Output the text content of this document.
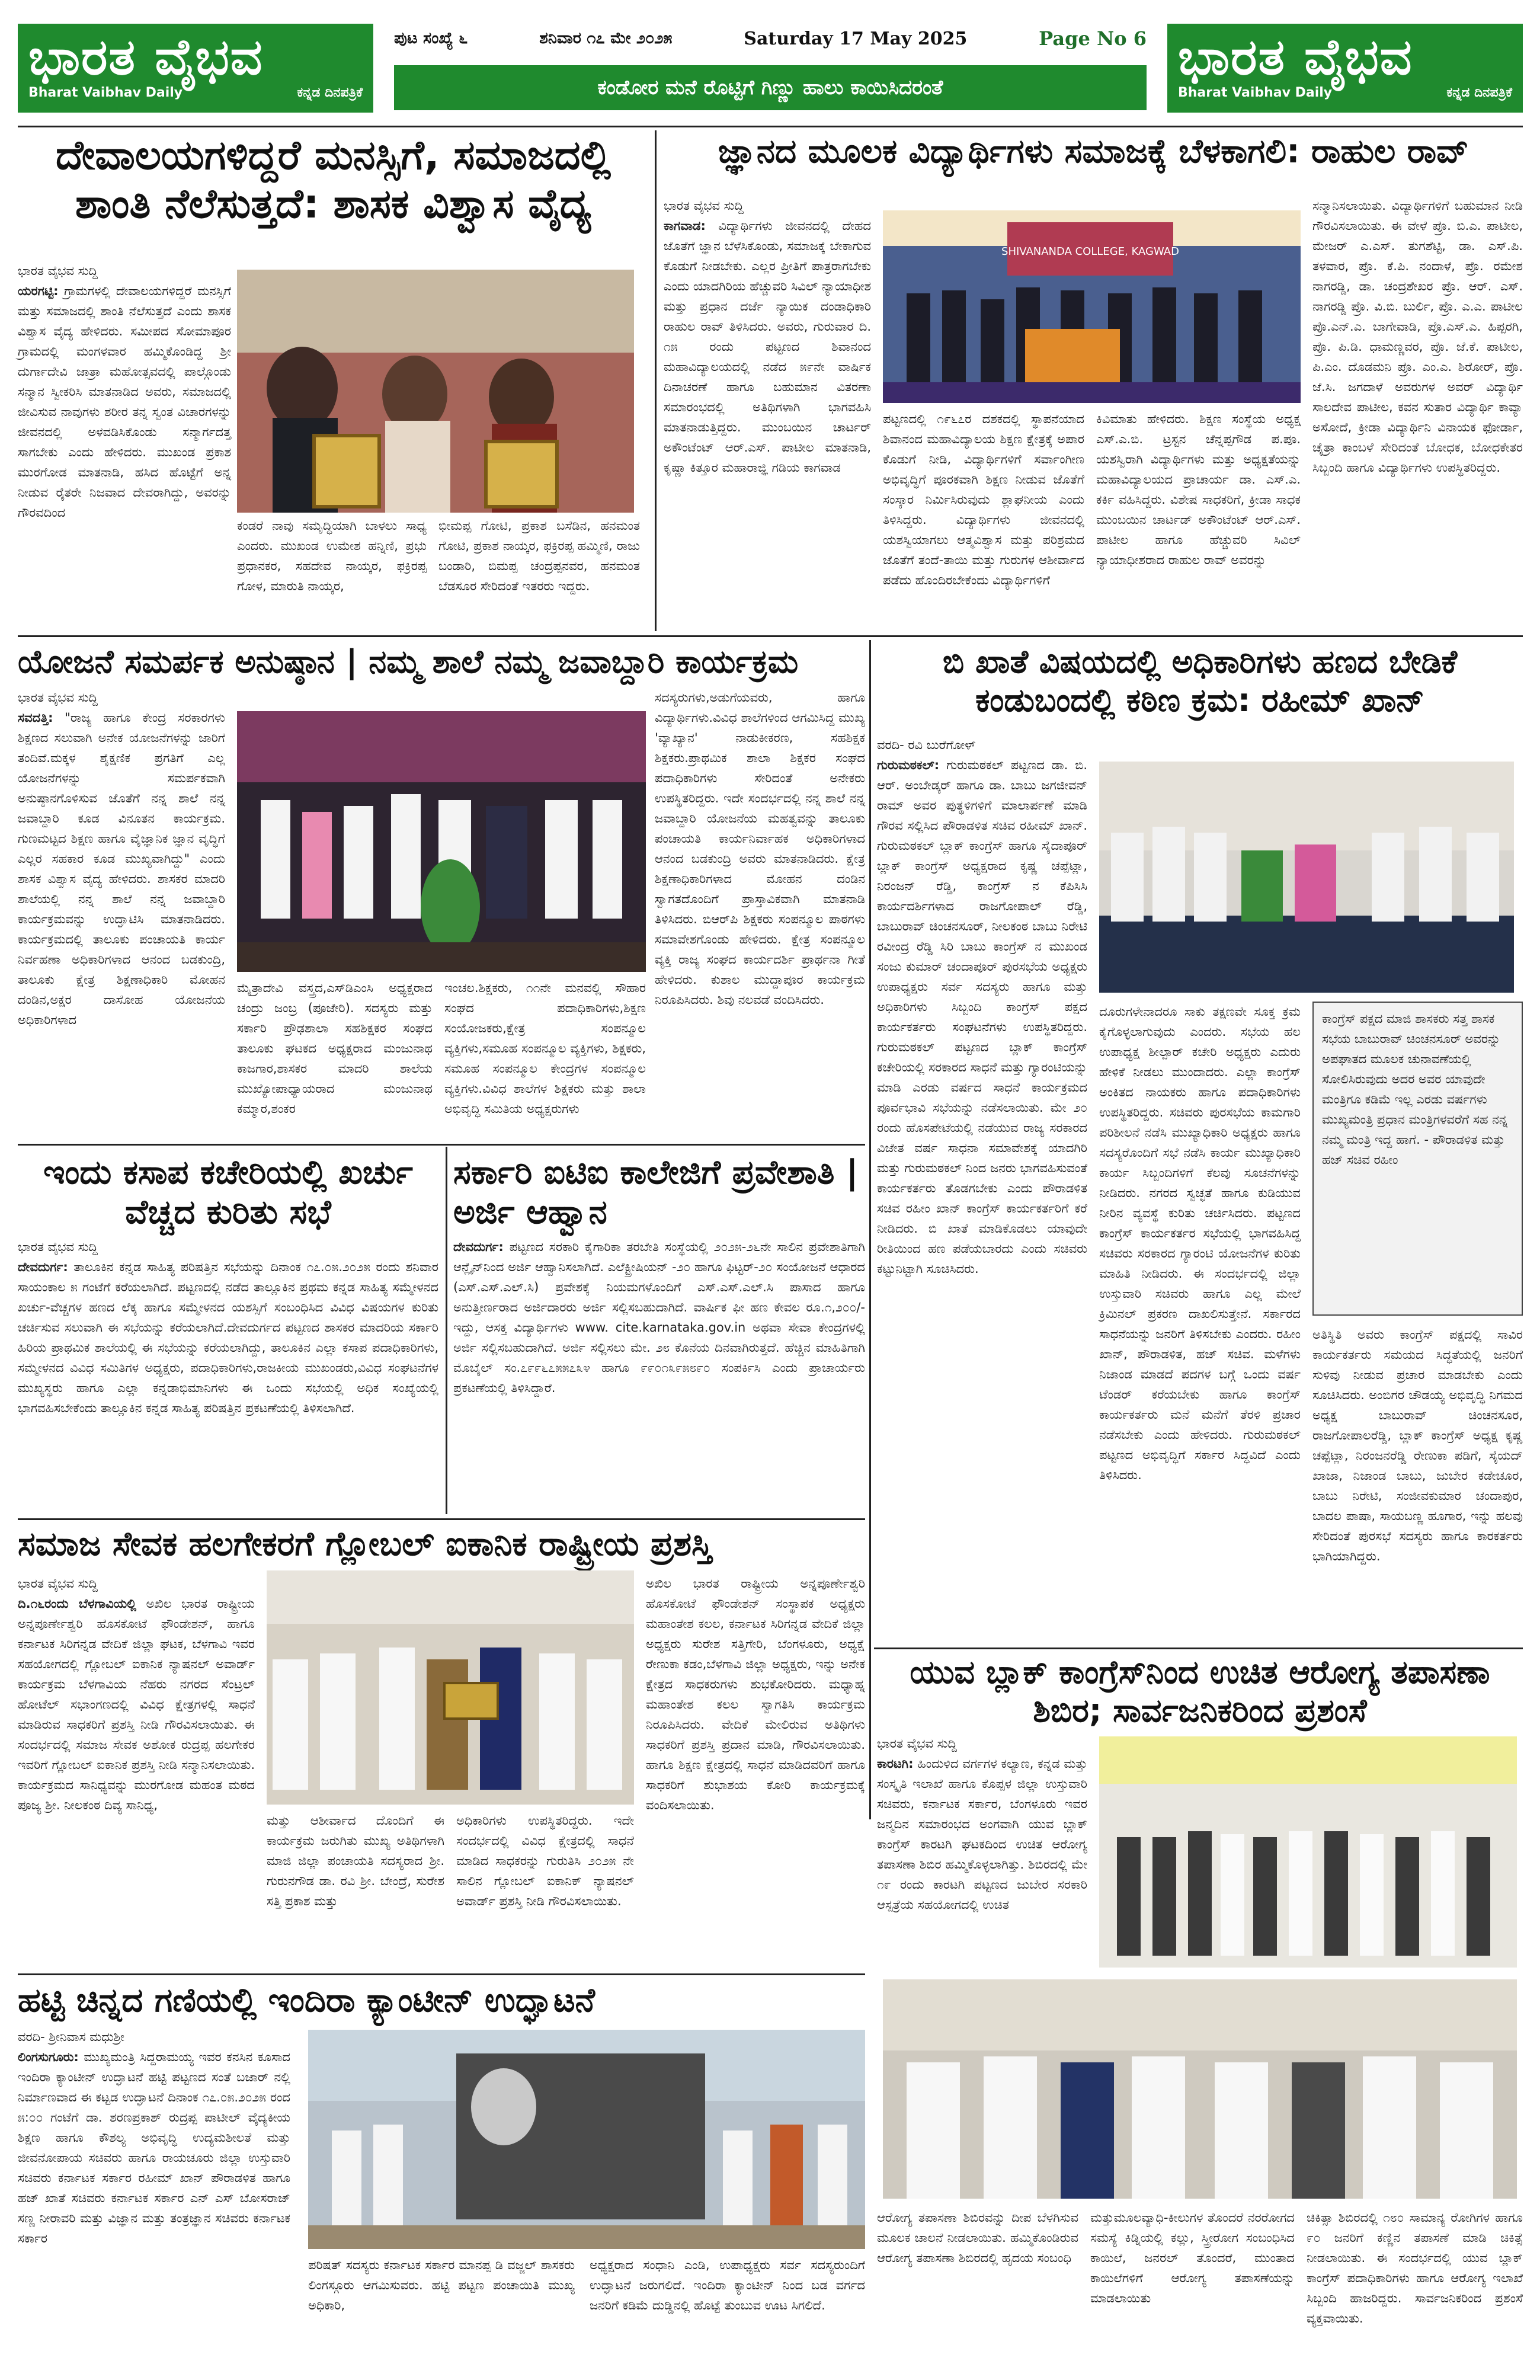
ಭಾರತ ವೈಭವ
Bharat Vaibhav Daily	ಕನ್ನಡ ದಿನಪತ್ರಿಕೆ
ಪುಟ ಸಂಖ್ಯೆ ೬	ಶನಿವಾರ ೧೭ ಮೇ ೨೦೨೫	Saturday 17 May 2025	Page No 6
ಕಂಡೋರ ಮನೆ ರೊಟ್ಟಿಗೆ ಗಿಣ್ಣು ಹಾಲು ಕಾಯಿಸಿದರಂತೆ
ಭಾರತ ವೈಭವ
Bharat Vaibhav Daily	ಕನ್ನಡ ದಿನಪತ್ರಿಕೆ
ದೇವಾಲಯಗಳಿದ್ದರೆ ಮನಸ್ಸಿಗೆ, ಸಮಾಜದಲ್ಲಿ ಶಾಂತಿ ನೆಲೆಸುತ್ತದೆ: ಶಾಸಕ ವಿಶ್ವಾಸ ವೈದ್ಯ
ಭಾರತ ವೈಭವ ಸುದ್ದಿ
ಯರಗಟ್ಟಿ: ಗ್ರಾಮಗಳಲ್ಲಿ ದೇವಾಲಯಗಳಿದ್ದರೆ ಮನಸ್ಸಿಗೆ ಮತ್ತು ಸಮಾಜದಲ್ಲಿ ಶಾಂತಿ ನೆಲೆಸುತ್ತದೆ ಎಂದು ಶಾಸಕ ವಿಶ್ವಾಸ ವೈದ್ಯ ಹೇಳಿದರು. ಸಮೀಪದ ಸೋಮಾಪೂರ ಗ್ರಾಮದಲ್ಲಿ ಮಂಗಳವಾರ ಹಮ್ಮಿಕೊಂಡಿದ್ದ ಶ್ರೀ ದುರ್ಗಾದೇವಿ ಜಾತ್ರಾ ಮಹೋತ್ಸವದಲ್ಲಿ ಪಾಲ್ಗೊಂಡು ಸನ್ಮಾನ ಸ್ವೀಕರಿಸಿ ಮಾತನಾಡಿದ ಅವರು, ಸಮಾಜದಲ್ಲಿ ಜೀವಿಸುವ ನಾವುಗಳು ಶರೀರ ತನ್ನ ಸ್ವಂತ ವಿಚಾರಗಳನ್ನು ಜೀವನದಲ್ಲಿ ಅಳವಡಿಸಿಕೊಂಡು ಸನ್ಮಾರ್ಗದತ್ತ ಸಾಗಬೇಕು ಎಂದು ಹೇಳಿದರು. ಮುಖಂಡ ಪ್ರಕಾಶ ಮುರಗೋಡ ಮಾತನಾಡಿ, ಹಸಿದ ಹೊಟ್ಟೆಗೆ ಅನ್ನ ನೀಡುವ ರೈತರೇ ನಿಜವಾದ ದೇವರಾಗಿದ್ದು, ಅವರನ್ನು ಗೌರವದಿಂದ
ಕಂಡರೆ ನಾವು ಸಮೃದ್ಧಿಯಾಗಿ ಬಾಳಲು ಸಾಧ್ಯ ಎಂದರು. ಮುಖಂಡ ಉಮೇಶ ಹನ್ನಿಣಿ, ಪ್ರಭು ಪ್ರಧಾನಕರ, ಸಹದೇವ ನಾಯ್ಕರ, ಫಕ್ರಿರಪ್ಪ ಗೋಳ, ಮಾರುತಿ ನಾಯ್ಕರ,
ಭೀಮಪ್ಪ ಗೋಟಿ, ಪ್ರಕಾಶ ಬಸೆಡಿನ, ಹನಮಂತ ಗೋಟಿ, ಪ್ರಕಾಶ ನಾಯ್ಕರ, ಫಕ್ರಿರಪ್ಪ ಹಮ್ಮಿಣಿ, ರಾಜು ಬಂಡಾರಿ, ಬಿಮಪ್ಪ ಚಂದ್ರಪ್ಪನವರ, ಹನಮಂತ ಬೆಡಸೂರ ಸೇರಿದಂತೆ ಇತರರು ಇದ್ದರು.
ಜ್ಞಾನದ ಮೂಲಕ ವಿದ್ಯಾರ್ಥಿಗಳು ಸಮಾಜಕ್ಕೆ ಬೆಳಕಾಗಲಿ: ರಾಹುಲ ರಾವ್
ಭಾರತ ವೈಭವ ಸುದ್ದಿ
ಕಾಗವಾಡ: ವಿದ್ಯಾರ್ಥಿಗಳು ಜೀವನದಲ್ಲಿ ದೇಹದ ಜೊತೆಗೆ ಜ್ಞಾನ ಬೆಳೆಸಿಕೊಂಡು, ಸಮಾಜಕ್ಕೆ ಬೇಕಾಗುವ ಕೊಡುಗೆ ನೀಡಬೇಕು. ಎಲ್ಲರ ಪ್ರೀತಿಗೆ ಪಾತ್ರರಾಗಬೇಕು ಎಂದು ಯಾದಗಿರಿಯ ಹೆಚ್ಚುವರಿ ಸಿವಿಲ್ ನ್ಯಾಯಾಧೀಶ ಮತ್ತು ಪ್ರಧಾನ ದರ್ಜೆ ನ್ಯಾಯಿಕ ದಂಡಾಧಿಕಾರಿ ರಾಹುಲ ರಾವ್ ತಿಳಿಸಿದರು. ಅವರು, ಗುರುವಾರ ದಿ. ೧೫ ರಂದು ಪಟ್ಟಣದ ಶಿವಾನಂದ ಮಹಾವಿದ್ಯಾಲಯದಲ್ಲಿ ನಡೆದ ೫೯ನೇ ವಾರ್ಷಿಕ ದಿನಾಚರಣೆ ಹಾಗೂ ಬಹುಮಾನ ವಿತರಣಾ ಸಮಾರಂಭದಲ್ಲಿ ಅತಿಥಿಗಳಾಗಿ ಭಾಗವಹಿಸಿ ಮಾತನಾಡುತ್ತಿದ್ದರು. ಮುಂಬಯಿನ ಚಾರ್ಟರ್ ಅಕೌಂಟೆಂಟ್ ಆರ್.ಎಸ್. ಪಾಟೀಲ ಮಾತನಾಡಿ, ಕೃಷ್ಣಾ ಕಿತ್ತೂರ ಮಹಾರಾಜ್ಞಿ ಗಡಿಯ ಕಾಗವಾಡ
SHIVANANDA COLLEGE, KAGWAD
ಪಟ್ಟಣದಲ್ಲಿ ೧೯೬೭ರ ದಶಕದಲ್ಲಿ ಸ್ಥಾಪನೆಯಾದ ಶಿವಾನಂದ ಮಹಾವಿದ್ಯಾಲಯ ಶಿಕ್ಷಣ ಕ್ಷೇತ್ರಕ್ಕೆ ಅಪಾರ ಕೊಡುಗೆ ನೀಡಿ, ವಿದ್ಯಾರ್ಥಿಗಳಿಗೆ ಸರ್ವಾಂಗೀಣ ಅಭಿವೃದ್ಧಿಗೆ ಪೂರಕವಾಗಿ ಶಿಕ್ಷಣ ನೀಡುವ ಜೊತೆಗೆ ಸಂಸ್ಕಾರ ನಿರ್ಮಿಸಿರುವುದು ಶ್ಲಾಘನೀಯ ಎಂದು ತಿಳಿಸಿದ್ದರು. ವಿದ್ಯಾರ್ಥಿಗಳು ಜೀವನದಲ್ಲಿ ಯಶಸ್ವಿಯಾಗಲು ಆತ್ಮವಿಶ್ವಾಸ ಮತ್ತು ಪರಿಶ್ರಮದ ಜೊತೆಗೆ ತಂದೆ-ತಾಯಿ ಮತ್ತು ಗುರುಗಳ ಆಶೀರ್ವಾದ ಪಡೆದು ಹೊಂದಿರಬೇಕೆಂದು ವಿದ್ಯಾರ್ಥಿಗಳಿಗೆ
ಕಿವಿಮಾತು ಹೇಳಿದರು. ಶಿಕ್ಷಣ ಸಂಸ್ಥೆಯ ಅಧ್ಯಕ್ಷ ಎಸ್.ಎ.ಬಿ. ಟ್ರಸ್ಟನ ಚೆನ್ನಪ್ಪಗೌಡ ಪ.ಪೂ. ಯಶಸ್ವಿರಾಗಿ ವಿದ್ಯಾರ್ಥಿಗಳು ಮತ್ತು ಅಧ್ಯಕ್ಷತೆಯನ್ನು ಮಹಾವಿದ್ಯಾಲಯದ ಪ್ರಾಚಾರ್ಯ ಡಾ. ಎಸ್.ಎ. ಕರ್ಕಿ ವಹಿಸಿದ್ದರು. ವಿಶೇಷ ಸಾಧಕರಿಗೆ, ಕ್ರೀಡಾ ಸಾಧಕ ಮುಂಬಯಿನ ಚಾರ್ಟಡ್ ಅಕೌಂಟೆಂಟ್ ಆರ್.ಎಸ್. ಪಾಟೀಲ ಹಾಗೂ ಹೆಚ್ಚುವರಿ ಸಿವಿಲ್ ನ್ಯಾಯಾಧೀಶರಾದ ರಾಹುಲ ರಾವ್ ಅವರನ್ನು
ಸನ್ಮಾನಿಸಲಾಯಿತು. ವಿದ್ಯಾರ್ಥಿಗಳಿಗೆ ಬಹುಮಾನ ನೀಡಿ ಗೌರವಿಸಲಾಯಿತು. ಈ ವೇಳೆ ಪ್ರೊ. ಬಿ.ಎ. ಪಾಟೀಲ, ಮೇಜರ್ ಎ.ಎಸ್. ತುಗಶೆಟ್ಟಿ, ಡಾ. ಎಸ್.ಪಿ. ತಳವಾರ, ಪ್ರೊ. ಕೆ.ಪಿ. ನಂದಾಳೆ, ಪ್ರೊ. ರಮೇಶ ನಾಗರಡ್ಡಿ, ಡಾ. ಚಂದ್ರಶೇಖರ ಪ್ರೊ. ಆರ್. ಎಸ್. ನಾಗರಡ್ಡಿ ಪ್ರೊ. ವಿ.ಬಿ. ಬುರ್ಲಿ, ಪ್ರೊ. ಎ.ಎ. ಪಾಟೀಲ ಪ್ರೊ.ಎನ್.ಎ. ಬಾಗೇವಾಡಿ, ಪ್ರೊ.ಎಸ್.ಎ. ಹಿಪ್ಪರಗಿ, ಪ್ರೊ. ಪಿ.ಡಿ. ಧಾಮಣ್ಣವರ, ಪ್ರೊ. ಜೆ.ಕೆ. ಪಾಟೀಲ, ಪಿ.ಎಂ. ದೊಡಮನಿ ಪ್ರೊ. ಎಂ.ಎ. ಶಿರೋರ್, ಪ್ರೊ. ಜೆ.ಸಿ. ಜಗದಾಳೆ ಅವರುಗಳ ಅವರ್ ವಿದ್ಯಾರ್ಥಿ ಸಾಲದೇವ ಪಾಟೀಲ, ಕವನ ಸುತಾರ ವಿದ್ಯಾರ್ಥಿ ಕಾವ್ಯಾ ಅಸೋದೆ, ಕ್ರೀಡಾ ವಿದ್ಯಾರ್ಥಿನಿ ವಿನಾಯಕ ಫೋರ್ಡಾ, ಚೈತ್ರಾ ಕಾಂಬಳೆ ಸೇರಿದಂತೆ ಬೋಧಕ, ಬೋಧಕೇತರ ಸಿಬ್ಬಂದಿ ಹಾಗೂ ವಿದ್ಯಾರ್ಥಿಗಳು ಉಪಸ್ಥಿತರಿದ್ದರು.
ಯೋಜನೆ ಸಮರ್ಪಕ ಅನುಷ್ಠಾನ | ನಮ್ಮ ಶಾಲೆ ನಮ್ಮ ಜವಾಬ್ದಾರಿ ಕಾರ್ಯಕ್ರಮ
ಭಾರತ ವೈಭವ ಸುದ್ದಿ
ಸವದತ್ತಿ: "ರಾಜ್ಯ ಹಾಗೂ ಕೇಂದ್ರ ಸರಕಾರಗಳು ಶಿಕ್ಷಣದ ಸಲುವಾಗಿ ಅನೇಕ ಯೋಜನೆಗಳನ್ನು ಜಾರಿಗೆ ತಂದಿವೆ.ಮಕ್ಕಳ ಶೈಕ್ಷಣಿಕ ಪ್ರಗತಿಗೆ ಎಲ್ಲ ಯೋಜನೆಗಳನ್ನು ಸಮರ್ಪಕವಾಗಿ ಅನುಷ್ಠಾನಗೊಳಿಸುವ ಜೊತೆಗೆ ನನ್ನ ಶಾಲೆ ನನ್ನ ಜವಾಬ್ದಾರಿ ಕೂಡ ವಿನೂತನ ಕಾರ್ಯಕ್ರಮ. ಗುಣಮಟ್ಟದ ಶಿಕ್ಷಣ ಹಾಗೂ ವೈಜ್ಞಾನಿಕ ಜ್ಞಾನ ವೃದ್ಧಿಗೆ ಎಲ್ಲರ ಸಹಕಾರ ಕೂಡ ಮುಖ್ಯವಾಗಿದ್ದು" ಎಂದು ಶಾಸಕ ವಿಶ್ವಾಸ ವೈದ್ಯ ಹೇಳಿದರು. ಶಾಸಕರ ಮಾದರಿ ಶಾಲೆಯಲ್ಲಿ ನನ್ನ ಶಾಲೆ ನನ್ನ ಜವಾಬ್ದಾರಿ ಕಾರ್ಯಕ್ರಮವನ್ನು ಉದ್ಘಾಟಿಸಿ ಮಾತನಾಡಿದರು. ಕಾರ್ಯಕ್ರಮದಲ್ಲಿ ತಾಲೂಕು ಪಂಚಾಯತಿ ಕಾರ್ಯ ನಿರ್ವಹಣಾ ಅಧಿಕಾರಿಗಳಾದ ಆನಂದ ಬಡಕುಂದ್ರಿ, ತಾಲೂಕು ಕ್ಷೇತ್ರ ಶಿಕ್ಷಣಾಧಿಕಾರಿ ಮೋಹನ ದಂಡಿನ,ಅಕ್ಷರ ದಾಸೋಹ ಯೋಜನೆಯ ಅಧಿಕಾರಿಗಳಾದ
ಮೈತ್ರಾದೇವಿ ವಸ್ತ್ರದ,ಎಸ್‌ಡಿಎಂಸಿ ಅಧ್ಯಕ್ಷರಾದ ಚಂದ್ರು ಜಂಬ್ರ (ಪೂಜೇರಿ). ಸದಸ್ಯರು ಮತ್ತು ಸರ್ಕಾರಿ ಪ್ರೌಢಶಾಲಾ ಸಹಶಿಕ್ಷಕರ ಸಂಘದ ತಾಲೂಕು ಘಟಕದ ಅಧ್ಯಕ್ಷರಾದ ಮಂಜುನಾಥ ಕಾಜಗಾರ,ಶಾಸಕರ ಮಾದರಿ ಶಾಲೆಯ ಮುಖ್ಯೋಪಾಧ್ಯಾಯರಾದ ಮಂಜುನಾಥ ಕಮ್ಮಾರ,ಶಂಕರ
ಇಂಚಲ.ಶಿಕ್ಷಕರು, ೧೧ನೇ ಮನವಲ್ಲಿ ಸೌಹಾರ ಸಂಘದ ಪದಾಧಿಕಾರಿಗಳು,ಶಿಕ್ಷಣ ಸಂಯೋಜಕರು,ಕ್ಷೇತ್ರ ಸಂಪನ್ಮೂಲ ವ್ಯಕ್ತಿಗಳು,ಸಮೂಹ ಸಂಪನ್ಮೂಲ ವ್ಯಕ್ತಿಗಳು, ಶಿಕ್ಷಕರು, ಸಮೂಹ ಸಂಪನ್ಮೂಲ ಕೇಂದ್ರಗಳ ಸಂಪನ್ಮೂಲ ವ್ಯಕ್ತಿಗಳು.ವಿವಿಧ ಶಾಲೆಗಳ ಶಿಕ್ಷಕರು ಮತ್ತು ಶಾಲಾ ಅಭಿವೃದ್ಧಿ ಸಮಿತಿಯ ಅಧ್ಯಕ್ಷರುಗಳು
ಸದಸ್ಯರುಗಳು,ಅಡುಗೆಯವರು, ಹಾಗೂ ವಿದ್ಯಾರ್ಥಿಗಳು.ವಿವಿಧ ಶಾಲೆಗಳಿಂದ ಆಗಮಿಸಿದ್ದ ಮುಖ್ಯ 'ವ್ಯಾಖ್ಯಾನ' ನಾಡುಕೀಕರಣ, ಸಹಶಿಕ್ಷಕ ಶಿಕ್ಷಕರು.ಪ್ರಾಥಮಿಕ ಶಾಲಾ ಶಿಕ್ಷಕರ ಸಂಘದ ಪದಾಧಿಕಾರಿಗಳು ಸೇರಿದಂತೆ ಅನೇಕರು ಉಪಸ್ಥಿತರಿದ್ದರು. ಇದೇ ಸಂದರ್ಭದಲ್ಲಿ ನನ್ನ ಶಾಲೆ ನನ್ನ ಜವಾಬ್ದಾರಿ ಯೋಜನೆಯ ಮಹತ್ವವನ್ನು ತಾಲೂಕು ಪಂಚಾಯತಿ ಕಾರ್ಯನಿರ್ವಾಹಕ ಅಧಿಕಾರಿಗಳಾದ ಆನಂದ ಬಡಕುಂದ್ರಿ ಅವರು ಮಾತನಾಡಿದರು. ಕ್ಷೇತ್ರ ಶಿಕ್ಷಣಾಧಿಕಾರಿಗಳಾದ ಮೋಹನ ದಂಡಿನ ಸ್ವಾಗತದೊಂದಿಗೆ ಪ್ರಾಸ್ತಾವಿಕವಾಗಿ ಮಾತನಾಡಿ ತಿಳಿಸಿದರು. ಬಿಆರ್‌ಪಿ ಶಿಕ್ಷಕರು ಸಂಪನ್ಮೂಲ ಪಾಠಗಳು ಸಮಾವೇಶಗೊಂಡು ಹೇಳಿದರು. ಕ್ಷೇತ್ರ ಸಂಪನ್ಮೂಲ ವ್ಯಕ್ತಿ ರಾಜ್ಯ ಸಂಘದ ಕಾರ್ಯದರ್ಶಿ ಪ್ರಾರ್ಥನಾ ಗೀತೆ ಹೇಳಿದರು. ಕುಶಾಲ ಮುದ್ದಾಪೂರ ಕಾರ್ಯಕ್ರಮ ನಿರೂಪಿಸಿದರು. ಶಿವು ನಲವಡೆ ವಂದಿಸಿದರು.
ಇಂದು ಕಸಾಪ ಕಚೇರಿಯಲ್ಲಿ ಖರ್ಚು ವೆಚ್ಚದ ಕುರಿತು ಸಭೆ
ಭಾರತ ವೈಭವ ಸುದ್ದಿ
ದೇವದುರ್ಗ: ತಾಲೂಕಿನ ಕನ್ನಡ ಸಾಹಿತ್ಯ ಪರಿಷತ್ತಿನ ಸಭೆಯನ್ನು ದಿನಾಂಕ ೧೭.೦೫.೨೦೨೫ ರಂದು ಶನಿವಾರ ಸಾಯಂಕಾಲ ೫ ಗಂಟೆಗೆ ಕರೆಯಲಾಗಿದೆ. ಪಟ್ಟಣದಲ್ಲಿ ನಡೆದ ತಾಲ್ಲೂಕಿನ ಪ್ರಥಮ ಕನ್ನಡ ಸಾಹಿತ್ಯ ಸಮ್ಮೇಳನದ ಖರ್ಚು-ವೆಚ್ಚಗಳ ಹಣದ ಲೆಕ್ಕ ಹಾಗೂ ಸಮ್ಮೇಳನದ ಯಶಸ್ಸಿಗೆ ಸಂಬಂಧಿಸಿದ ವಿವಿಧ ವಿಷಯಗಳ ಕುರಿತು ಚರ್ಚಿಸುವ ಸಲುವಾಗಿ ಈ ಸಭೆಯನ್ನು ಕರೆಯಲಾಗಿದೆ.ದೇವದುರ್ಗದ ಪಟ್ಟಣದ ಶಾಸಕರ ಮಾದರಿಯ ಸರ್ಕಾರಿ ಹಿರಿಯ ಪ್ರಾಥಮಿಕ ಶಾಲೆಯಲ್ಲಿ ಈ ಸಭೆಯನ್ನು ಕರೆಯಲಾಗಿದ್ದು, ತಾಲೂಕಿನ ಎಲ್ಲಾ ಕಸಾಪ ಪದಾಧಿಕಾರಿಗಳು, ಸಮ್ಮೇಳನದ ವಿವಿಧ ಸಮಿತಿಗಳ ಅಧ್ಯಕ್ಷರು, ಪದಾಧಿಕಾರಿಗಳು,ರಾಜಕೀಯ ಮುಖಂಡರು,ವಿವಿಧ ಸಂಘಟನೆಗಳ ಮುಖ್ಯಸ್ಥರು ಹಾಗೂ ಎಲ್ಲಾ ಕನ್ನಡಾಭಿಮಾನಿಗಳು ಈ ಒಂದು ಸಭೆಯಲ್ಲಿ ಅಧಿಕ ಸಂಖ್ಯೆಯಲ್ಲಿ ಭಾಗವಹಿಸಬೇಕೆಂದು ತಾಲ್ಲೂಕಿನ ಕನ್ನಡ ಸಾಹಿತ್ಯ ಪರಿಷತ್ತಿನ ಪ್ರಕಟಣೆಯಲ್ಲಿ ತಿಳಿಸಲಾಗಿದೆ.
ಸರ್ಕಾರಿ ಐಟಿಐ ಕಾಲೇಜಿಗೆ ಪ್ರವೇಶಾತಿ | ಅರ್ಜಿ ಆಹ್ವಾನ
ದೇವದುರ್ಗ: ಪಟ್ಟಣದ ಸರಕಾರಿ ಕೈಗಾರಿಕಾ ತರಬೇತಿ ಸಂಸ್ಥೆಯಲ್ಲಿ ೨೦೨೫-೨೬ನೇ ಸಾಲಿನ ಪ್ರವೇಶಾತಿಗಾಗಿ ಆನ್ಲೈನ್‌ನಿಂದ ಅರ್ಜಿ ಆಹ್ವಾನಿಸಲಾಗಿದೆ. ಎಲೆಕ್ಟ್ರೀಷಿಯನ್ -೨೦ ಹಾಗೂ ಫಿಟ್ಟರ್-೨೦ ಸಂಯೋಜನೆ ಆಧಾರದ (ಎಸ್.ಎಸ್.ಎಲ್.ಸಿ) ಪ್ರವೇಶಕ್ಕೆ ನಿಯಮಗಳೊಂದಿಗೆ ಎಸ್.ಎಸ್.ಎಲ್.ಸಿ ಪಾಸಾದ ಹಾಗೂ ಅನುತ್ತೀರ್ಣರಾದ ಅರ್ಜಿದಾರರು ಅರ್ಜಿ ಸಲ್ಲಿಸಬಹುದಾಗಿದೆ. ವಾರ್ಷಿಕ ಫೀ ಹಣ ಕೇವಲ ರೂ.೧,೨೦೦/- ಇದ್ದು, ಆಸಕ್ತ ವಿದ್ಯಾರ್ಥಿಗಳು www. cite.karnataka.gov.in ಅಥವಾ ಸೇವಾ ಕೇಂದ್ರಗಳಲ್ಲಿ ಅರ್ಜಿ ಸಲ್ಲಿಸಬಹುದಾಗಿದೆ. ಅರ್ಜಿ ಸಲ್ಲಿಸಲು ಮೇ. ೨೮ ಕೊನೆಯ ದಿನವಾಗಿರುತ್ತದೆ. ಹೆಚ್ಚಿನ ಮಾಹಿತಿಗಾಗಿ ಮೊಬೈಲ್ ಸಂ.೭೯೯೬೭೫೫೭೩೪ ಹಾಗೂ ೯೯೦೧೩೯೫೮೯೦ ಸಂಪರ್ಕಿಸಿ ಎಂದು ಪ್ರಾಚಾರ್ಯರು ಪ್ರಕಟಣೆಯಲ್ಲಿ ತಿಳಿಸಿದ್ದಾರೆ.
ಸಮಾಜ ಸೇವಕ ಹಲಗೇಕರಗೆ ಗ್ಲೋಬಲ್ ಐಕಾನಿಕ ರಾಷ್ಟ್ರೀಯ ಪ್ರಶಸ್ತಿ
ಭಾರತ ವೈಭವ ಸುದ್ದಿ
ದಿ.೧೬ರಂದು ಬೆಳಗಾವಿಯಲ್ಲಿ ಅಖಿಲ ಭಾರತ ರಾಷ್ಟ್ರೀಯ ಅನ್ನಪೂರ್ಣೇಶ್ವರಿ ಹೊಸಕೋಟೆ ಫೌಂಡೇಶನ್, ಹಾಗೂ ಕರ್ನಾಟಕ ಸಿರಿಗನ್ನಡ ವೇದಿಕೆ ಜಿಲ್ಲಾ ಘಟಕ, ಬೆಳಗಾವಿ ಇವರ ಸಹಯೋಗದಲ್ಲಿ ಗ್ಲೋಬಲ್ ಐಕಾನಿಕ ನ್ಯಾಷನಲ್ ಅವಾರ್ಡ್ ಕಾರ್ಯಕ್ರಮ ಬೆಳಗಾವಿಯ ನೆಹರು ನಗರದ ಸೆಂಟ್ರಲ್ ಹೋಟೆಲ್ ಸಭಾಂಗಣದಲ್ಲಿ ವಿವಿಧ ಕ್ಷೇತ್ರಗಳಲ್ಲಿ ಸಾಧನೆ ಮಾಡಿರುವ ಸಾಧಕರಿಗೆ ಪ್ರಶಸ್ತಿ ನೀಡಿ ಗೌರವಿಸಲಾಯಿತು. ಈ ಸಂದರ್ಭದಲ್ಲಿ ಸಮಾಜ ಸೇವಕ ಅಶೋಕ ರುದ್ರಪ್ಪ ಹಲಗೇಕರ ಇವರಿಗೆ ಗ್ಲೋಬಲ್ ಐಕಾನಿಕ ಪ್ರಶಸ್ತಿ ನೀಡಿ ಸನ್ಮಾನಿಸಲಾಯಿತು. ಕಾರ್ಯಕ್ರಮದ ಸಾನಿಧ್ಯವನ್ನು ಮುರಗೋಡ ಮಹಂತ ಮಠದ ಪೂಜ್ಯ ಶ್ರೀ. ನೀಲಕಂಠ ದಿವ್ಯ ಸಾನಿಧ್ಯ,
ಮತ್ತು ಆಶೀರ್ವಾದ ದೊಂದಿಗೆ ಈ ಕಾರ್ಯಕ್ರಮ ಜರುಗಿತು ಮುಖ್ಯ ಅತಿಥಿಗಳಾಗಿ ಮಾಜಿ ಜಿಲ್ಲಾ ಪಂಚಾಯತಿ ಸದಸ್ಯರಾದ ಶ್ರೀ. ಗುರುನಗೌಡ ಡಾ. ರವಿ ಶ್ರೀ. ಬೇಂದ್ರೆ, ಸುರೇಶ ಸತ್ತಿ ಪ್ರಕಾಶ ಮತ್ತು
ಅಧಿಕಾರಿಗಳು ಉಪಸ್ಥಿತರಿದ್ದರು. ಇದೇ ಸಂದರ್ಭದಲ್ಲಿ ವಿವಿಧ ಕ್ಷೇತ್ರದಲ್ಲಿ ಸಾಧನೆ ಮಾಡಿದ ಸಾಧಕರನ್ನು ಗುರುತಿಸಿ ೨೦೨೫ ನೇ ಸಾಲಿನ ಗ್ಲೋಬಲ್ ಐಕಾನಿಕ್ ನ್ಯಾಷನಲ್ ಅವಾರ್ಡ್ ಪ್ರಶಸ್ತಿ ನೀಡಿ ಗೌರವಿಸಲಾಯಿತು.
ಅಖಿಲ ಭಾರತ ರಾಷ್ಟ್ರೀಯ ಅನ್ನಪೂರ್ಣೇಶ್ವರಿ ಹೊಸಕೋಟೆ ಫೌಂಡೇಶನ್ ಸಂಸ್ಥಾಪಕ ಅಧ್ಯಕ್ಷರು ಮಹಾಂತೇಶ ಕಲಲ, ಕರ್ನಾಟಕ ಸಿರಿಗನ್ನಡ ವೇದಿಕೆ ಜಿಲ್ಲಾ ಅಧ್ಯಕ್ಷರು ಸುರೇಶ ಸತ್ತಿಗೇರಿ, ಬೆಂಗಳೂರು, ಅಧ್ಯಕ್ಷೆ ರೇಣುಕಾ ಕಡಂ,ಬೆಳಗಾವಿ ಜಿಲ್ಲಾ ಅಧ್ಯಕ್ಷರು, ಇನ್ನು ಅನೇಕ ಕ್ಷೇತ್ರದ ಸಾಧಕರುಗಳು ಶುಭಕೋರಿದರು. ಮಧ್ಯಾಹ್ನ ಮಹಾಂತೇಶ ಕಲಲ ಸ್ವಾಗತಿಸಿ ಕಾರ್ಯಕ್ರಮ ನಿರೂಪಿಸಿದರು. ವೇದಿಕೆ ಮೇಲಿರುವ ಅತಿಥಿಗಳು ಸಾಧಕರಿಗೆ ಪ್ರಶಸ್ತಿ ಪ್ರದಾನ ಮಾಡಿ, ಗೌರವಿಸಲಾಯಿತು. ಹಾಗೂ ಶಿಕ್ಷಣ ಕ್ಷೇತ್ರದಲ್ಲಿ ಸಾಧನೆ ಮಾಡಿದವರಿಗೆ ಹಾಗೂ ಸಾಧಕರಿಗೆ ಶುಭಾಶಯ ಕೋರಿ ಕಾರ್ಯಕ್ರಮಕ್ಕೆ ವಂದಿಸಲಾಯಿತು.
ಬಿ ಖಾತೆ ವಿಷಯದಲ್ಲಿ ಅಧಿಕಾರಿಗಳು ಹಣದ ಬೇಡಿಕೆ ಕಂಡುಬಂದಲ್ಲಿ ಕಠಿಣ ಕ್ರಮ: ರಹೀಮ್ ಖಾನ್
ವರದಿ- ರವಿ ಬುರೆಗೋಳ್
ಗುರುಮಠಕಲ್: ಗುರುಮಠಕಲ್ ಪಟ್ಟಣದ ಡಾ. ಬಿ. ಆರ್. ಅಂಬೇಡ್ಕರ್ ಹಾಗೂ ಡಾ. ಬಾಬು ಜಗಜೀವನ್ ರಾಮ್ ಅವರ ಪುತ್ಥಳಿಗಳಿಗೆ ಮಾಲಾರ್ಪಣೆ ಮಾಡಿ ಗೌರವ ಸಲ್ಲಿಸಿದ ಪೌರಾಡಳಿತ ಸಚಿವ ರಹೀಮ್ ಖಾನ್. ಗುರುಮಠಕಲ್ ಬ್ಲಾಕ್ ಕಾಂಗ್ರೆಸ್ ಹಾಗೂ ಸೈದಾಪೂರ್ ಬ್ಲಾಕ್ ಕಾಂಗ್ರೆಸ್ ಅಧ್ಯಕ್ಷರಾದ ಕೃಷ್ಣ ಚಪ್ಪೆಟ್ಲಾ, ನಿರಂಜನ್ ರೆಡ್ಡಿ, ಕಾಂಗ್ರೆಸ್ ನ ಕೆಪಿಸಿಸಿ ಕಾರ್ಯದರ್ಶಿಗಳಾದ ರಾಜಗೋಪಾಲ್ ರೆಡ್ಡಿ, ಬಾಬುರಾವ್ ಚಿಂಚನಸೂರ್, ನೀಲಕಂಠ ಬಾಬು ನಿರೇಟಿ ರವೀಂದ್ರ ರೆಡ್ಡಿ ಸಿರಿ ಬಾಬು ಕಾಂಗ್ರೆಸ್ ನ ಮುಖಂಡ ಸಂಜು ಕುಮಾರ್ ಚಂದಾಪೂರ್ ಪುರಸಭೆಯ ಅಧ್ಯಕ್ಷರು ಉಪಾಧ್ಯಕ್ಷರು ಸರ್ವ ಸದಸ್ಯರು ಹಾಗೂ ಮತ್ತು ಅಧಿಕಾರಿಗಳು ಸಿಬ್ಬಂದಿ ಕಾಂಗ್ರೆಸ್ ಪಕ್ಷದ ಕಾರ್ಯಕರ್ತರು ಸಂಘಟನೆಗಳು ಉಪಸ್ಥಿತರಿದ್ದರು. ಗುರುಮಠಕಲ್ ಪಟ್ಟಣದ ಬ್ಲಾಕ್ ಕಾಂಗ್ರೆಸ್ ಕಚೇರಿಯಲ್ಲಿ ಸರಕಾರದ ಸಾಧನೆ ಮತ್ತು ಗ್ಯಾರಂಟಿಯನ್ನು ಮಾಡಿ ಎರಡು ವರ್ಷದ ಸಾಧನೆ ಕಾರ್ಯಕ್ರಮದ ಪೂರ್ವಭಾವಿ ಸಭೆಯನ್ನು ನಡೆಸಲಾಯಿತು. ಮೇ ೨೦ ರಂದು ಹೊಸಪೇಟೆಯಲ್ಲಿ ನಡೆಯುವ ರಾಜ್ಯ ಸರಕಾರದ ವಿಜೇತ ವರ್ಷ ಸಾಧನಾ ಸಮಾವೇಶಕ್ಕೆ ಯಾದಗಿರಿ ಮತ್ತು ಗುರುಮಠಕಲ್ ನಿಂದ ಜನರು ಭಾಗವಹಿಸುವಂತೆ ಕಾರ್ಯಕರ್ತರು ತೊಡಗಬೇಕು ಎಂದು ಪೌರಾಡಳಿತ ಸಚಿವ ರಹೀಂ ಖಾನ್ ಕಾಂಗ್ರೆಸ್ ಕಾರ್ಯಕರ್ತರಿಗೆ ಕರೆ ನೀಡಿದರು. ಬಿ ಖಾತೆ ಮಾಡಿಕೊಡಲು ಯಾವುದೇ ರೀತಿಯಿಂದ ಹಣ ಪಡೆಯಬಾರದು ಎಂದು ಸಚಿವರು ಕಟ್ಟುನಿಟ್ಟಾಗಿ ಸೂಚಿಸಿದರು.
ದೂರುಗಳೇನಾದರೂ ಸಾಕು ತಕ್ಷಣವೇ ಸೂಕ್ತ ಕ್ರಮ ಕೈಗೊಳ್ಳಲಾಗುವುದು ಎಂದರು. ಸಭೆಯ ಹಲ ಉಪಾಧ್ಯಕ್ಷ ಶೀಲ್ಪಾರ್ ಕಚೇರಿ ಅಧ್ಯಕ್ಷರು ಎದುರು ಹೇಳಿಕೆ ನೀಡಲು ಮುಂದಾದರು. ಎಲ್ಲಾ ಕಾಂಗ್ರೆಸ್ ಅಂಕಿತದ ನಾಯಕರು ಹಾಗೂ ಪದಾಧಿಕಾರಿಗಳು ಉಪಸ್ಥಿತರಿದ್ದರು. ಸಚಿವರು ಪುರಸಭೆಯ ಕಾಮಗಾರಿ ಪರಿಶೀಲನೆ ನಡೆಸಿ ಮುಖ್ಯಾಧಿಕಾರಿ ಅಧ್ಯಕ್ಷರು ಹಾಗೂ ಸದಸ್ಯರೊಂದಿಗೆ ಸಭೆ ನಡೆಸಿ ಕಾರ್ಯ ಮುಖ್ಯಾಧಿಕಾರಿ ಕಾರ್ಯ ಸಿಬ್ಬಂದಿಗಳಿಗೆ ಕೆಲವು ಸೂಚನೆಗಳನ್ನು ನೀಡಿದರು. ನಗರದ ಸ್ವಚ್ಛತೆ ಹಾಗೂ ಕುಡಿಯುವ ನೀರಿನ ವ್ಯವಸ್ಥೆ ಕುರಿತು ಚರ್ಚಿಸಿದರು. ಪಟ್ಟಣದ ಕಾಂಗ್ರೆಸ್ ಕಾರ್ಯಕರ್ತರ ಸಭೆಯಲ್ಲಿ ಭಾಗವಹಿಸಿದ್ದ ಸಚಿವರು ಸರಕಾರದ ಗ್ಯಾರಂಟಿ ಯೋಜನೆಗಳ ಕುರಿತು ಮಾಹಿತಿ ನೀಡಿದರು. ಈ ಸಂದರ್ಭದಲ್ಲಿ ಜಿಲ್ಲಾ ಉಸ್ತುವಾರಿ ಸಚಿವರು ಹಾಗೂ ಎಲ್ಲ ಮೇಲೆ ಕ್ರಿಮಿನಲ್ ಪ್ರಕರಣ ದಾಖಲಿಸುತ್ತೇನೆ. ಸರ್ಕಾರದ ಸಾಧನೆಯನ್ನು ಜನರಿಗೆ ತಿಳಿಸಬೇಕು ಎಂದರು. ರಹೀಂ ಖಾನ್, ಪೌರಾಡಳಿತ, ಹಜ್ ಸಚಿವ. ಮಳೆಗಳು ನಿಜಾಂಡ ಮಾಡದೆ ಪದಗಳ ಬಗ್ಗೆ ಒಂದು ವರ್ಷ ಟೆಂಡರ್ ಕರೆಯಬೇಕು ಹಾಗೂ ಕಾಂಗ್ರೆಸ್ ಕಾರ್ಯಕರ್ತರು ಮನೆ ಮನೆಗೆ ತೆರಳಿ ಪ್ರಚಾರ ನಡೆಸಬೇಕು ಎಂದು ಹೇಳಿದರು. ಗುರುಮಠಕಲ್ ಪಟ್ಟಣದ ಅಭಿವೃದ್ಧಿಗೆ ಸರ್ಕಾರ ಸಿದ್ಧವಿದೆ ಎಂದು ತಿಳಿಸಿದರು.
ಕಾಂಗ್ರೆಸ್ ಪಕ್ಷದ ಮಾಜಿ ಶಾಸಕರು ಸತ್ತ ಶಾಸಕ ಸಭೆಯ ಬಾಬುರಾವ್ ಚಿಂಚನಸೂರ್ ಅವರನ್ನು ಅಪಘಾತದ ಮೂಲಕ ಚುನಾವಣೆಯಲ್ಲಿ ಸೋಲಿಸಿರುವುದು ಅದರ ಅವರ ಯಾವುದೇ ಮಂತ್ರಿಗೂ ಕಡಿಮೆ ಇಲ್ಲ ಎರಡು ವರ್ಷಗಳು ಮುಖ್ಯಮಂತ್ರಿ ಪ್ರಧಾನ ಮಂತ್ರಿಗಳವರೆಗೆ ಸಹ ನನ್ನ ನಮ್ಮ ಮಂತ್ರಿ ಇದ್ದ ಹಾಗೆ. - ಪೌರಾಡಳಿತ ಮತ್ತು ಹಜ್ ಸಚಿವ ರಹೀಂ
ಅತಿಸ್ಥಿತಿ ಅವರು ಕಾಂಗ್ರೆಸ್ ಪಕ್ಷದಲ್ಲಿ ಸಾವಿರ ಕಾರ್ಯಕರ್ತರು ಸಮಯದ ಸಿದ್ಧತೆಯಲ್ಲಿ ಜನರಿಗೆ ಸುಳಿವು ನೀಡುವ ಪ್ರಚಾರ ಮಾಡಬೇಕು ಎಂದು ಸೂಚಿಸಿದರು. ಅಂಬಿಗರ ಚೌಡಯ್ಯ ಅಭಿವೃದ್ಧಿ ನಿಗಮದ ಅಧ್ಯಕ್ಷ ಬಾಬುರಾವ್ ಚಿಂಚನಸೂರ, ರಾಜಗೋಪಾಲರೆಡ್ಡಿ, ಬ್ಲಾಕ್ ಕಾಂಗ್ರೆಸ್ ಅಧ್ಯಕ್ಷ ಕೃಷ್ಣ ಚಪ್ಪೆಟ್ಲಾ, ನಿರಂಜನರೆಡ್ಡಿ ರೇಣುಕಾ ಪಡಿಗೆ, ಸೈಯದ್ ಖಾಜಾ, ನಿಜಾಂಡ ಬಾಬು, ಜುಬೇರ ಕಡೇಚೂರ, ಬಾಬು ನಿರೇಟಿ, ಸಂಜೀವಕುಮಾರ ಚಂದಾಪುರ, ಬಾದಲ ಪಾಷಾ, ಸಾಯಬಣ್ಣ ಹೂಗಾರ, ಇನ್ನು ಹಲವು ಸೇರಿದಂತೆ ಪುರಸಭೆ ಸದಸ್ಯರು ಹಾಗೂ ಕಾರಕರ್ತರು ಭಾಗಿಯಾಗಿದ್ದರು.
ಯುವ ಬ್ಲಾಕ್ ಕಾಂಗ್ರೆಸ್‌ನಿಂದ ಉಚಿತ ಆರೋಗ್ಯ ತಪಾಸಣಾ ಶಿಬಿರ; ಸಾರ್ವಜನಿಕರಿಂದ ಪ್ರಶಂಸೆ
ಭಾರತ ವೈಭವ ಸುದ್ದಿ
ಕಾರಟಗಿ: ಹಿಂದುಳಿದ ವರ್ಗಗಳ ಕಲ್ಯಾಣ, ಕನ್ನಡ ಮತ್ತು ಸಂಸ್ಕೃತಿ ಇಲಾಖೆ ಹಾಗೂ ಕೊಪ್ಪಳ ಜಿಲ್ಲಾ ಉಸ್ತುವಾರಿ ಸಚಿವರು, ಕರ್ನಾಟಕ ಸರ್ಕಾರ, ಬೆಂಗಳೂರು ಇವರ ಜನ್ಮದಿನ ಸಮಾರಂಭದ ಅಂಗವಾಗಿ ಯುವ ಬ್ಲಾಕ್ ಕಾಂಗ್ರೆಸ್ ಕಾರಟಗಿ ಘಟಕದಿಂದ ಉಚಿತ ಆರೋಗ್ಯ ತಪಾಸಣಾ ಶಿಬಿರ ಹಮ್ಮಿಕೊಳ್ಳಲಾಗಿತ್ತು. ಶಿಬಿರದಲ್ಲಿ ಮೇ ೧೯ ರಂದು ಕಾರಟಗಿ ಪಟ್ಟಣದ ಜುಬೇರ ಸರಕಾರಿ ಆಸ್ಪತ್ರೆಯ ಸಹಯೋಗದಲ್ಲಿ ಉಚಿತ
ಆರೋಗ್ಯ ತಪಾಸಣಾ ಶಿಬಿರವನ್ನು ದೀಪ ಬೆಳಗಿಸುವ ಮೂಲಕ ಚಾಲನೆ ನೀಡಲಾಯಿತು. ಹಮ್ಮಿಕೊಂಡಿರುವ ಆರೋಗ್ಯ ತಪಾಸಣಾ ಶಿಬಿರದಲ್ಲಿ ಹೃದಯ ಸಂಬಂಧಿ
ಮತ್ತುಮೂಲವ್ಯಾಧಿ-ಕೀಲುಗಳ ತೊಂದರೆ ನರರೋಗದ ಸಮಸ್ಯೆ ಕಿಡ್ನಿಯಲ್ಲಿ ಕಲ್ಲು, ಸ್ತ್ರೀರೋಗ ಸಂಬಂಧಿಸಿದ ಕಾಯಿಲೆ, ಜನರಲ್ ತೊಂದರೆ, ಮುಂತಾದ ಕಾಯಿಲೆಗಳಿಗೆ ಆರೋಗ್ಯ ತಪಾಸಣೆಯನ್ನು ಮಾಡಲಾಯಿತು
ಚಿಕಿತ್ಸಾ ಶಿಬಿರದಲ್ಲಿ ೧೮೦ ಸಾಮಾನ್ಯ ರೋಗಿಗಳ ಹಾಗೂ ೯೦ ಜನರಿಗೆ ಕಣ್ಣಿನ ತಪಾಸಣೆ ಮಾಡಿ ಚಿಕಿತ್ಸೆ ನೀಡಲಾಯಿತು. ಈ ಸಂದರ್ಭದಲ್ಲಿ ಯುವ ಬ್ಲಾಕ್ ಕಾಂಗ್ರೆಸ್ ಪದಾಧಿಕಾರಿಗಳು ಹಾಗೂ ಆರೋಗ್ಯ ಇಲಾಖೆ ಸಿಬ್ಬಂದಿ ಹಾಜರಿದ್ದರು. ಸಾರ್ವಜನಿಕರಿಂದ ಪ್ರಶಂಸೆ ವ್ಯಕ್ತವಾಯಿತು.
ಹಟ್ಟಿ ಚಿನ್ನದ ಗಣಿಯಲ್ಲಿ ಇಂದಿರಾ ಕ್ಯಾಂಟೀನ್ ಉದ್ಘಾಟನೆ
ವರದಿ- ಶ್ರೀನಿವಾಸ ಮಧುಶ್ರೀ
ಲಿಂಗಸುಗೂರು: ಮುಖ್ಯಮಂತ್ರಿ ಸಿದ್ದರಾಮಯ್ಯ ಇವರ ಕನಸಿನ ಕೂಸಾದ ಇಂದಿರಾ ಕ್ಯಾಂಟೀನ್ ಉದ್ಘಾಟನೆ ಹಟ್ಟಿ ಪಟ್ಟಣದ ಸಂತೆ ಬಜಾರ್ ನಲ್ಲಿ ನಿರ್ಮಾಣವಾದ ಈ ಕಟ್ಟಡ ಉದ್ಘಾಟನೆ ದಿನಾಂಕ ೧೭.೦೫.೨೦೨೫ ರಂದ ೫:೦೦ ಗಂಟೆಗೆ ಡಾ. ಶರಣಪ್ರಕಾಶ್ ರುದ್ರಪ್ಪ ಪಾಟೀಲ್ ವೈದ್ಯಕೀಯ ಶಿಕ್ಷಣ ಹಾಗೂ ಕೌಶಲ್ಯ ಅಭಿವೃದ್ಧಿ ಉದ್ಯಮಶೀಲತೆ ಮತ್ತು ಜೀವನೋಪಾಯ ಸಚಿವರು ಹಾಗೂ ರಾಯಚೂರು ಜಿಲ್ಲಾ ಉಸ್ತುವಾರಿ ಸಚಿವರು ಕರ್ನಾಟಕ ಸರ್ಕಾರ ರಹೀಮ್ ಖಾನ್ ಪೌರಾಡಳಿತ ಹಾಗೂ ಹಜ್ ಖಾತೆ ಸಚಿವರು ಕರ್ನಾಟಕ ಸರ್ಕಾರ ಎನ್ ಎಸ್ ಬೋಸರಾಜ್ ಸಣ್ಣ ನೀರಾವರಿ ಮತ್ತು ವಿಜ್ಞಾನ ಮತ್ತು ತಂತ್ರಜ್ಞಾನ ಸಚಿವರು ಕರ್ನಾಟಕ ಸರ್ಕಾರ
ಪರಿಷತ್ ಸದಸ್ಯರು ಕರ್ನಾಟಕ ಸರ್ಕಾರ ಮಾನಪ್ಪ ಡಿ ವಜ್ಜಲ್ ಶಾಸಕರು ಲಿಂಗಸ್ಗೂರು ಆಗಮಿಸುವರು. ಹಟ್ಟಿ ಪಟ್ಟಣ ಪಂಚಾಯಿತಿ ಮುಖ್ಯ ಅಧಿಕಾರಿ,
ಅಧ್ಯಕ್ಷರಾದ ಸಂಧಾನಿ ಎಂಡಿ, ಉಪಾಧ್ಯಕ್ಷರು ಸರ್ವ ಸದಸ್ಯರುಂದಿಗೆ ಉದ್ಘಾಟನೆ ಜರುಗಲಿದೆ. ಇಂದಿರಾ ಕ್ಯಾಂಟೀನ್ ನಿಂದ ಬಡ ವರ್ಗದ ಜನರಿಗೆ ಕಡಿಮೆ ದುಡ್ಡಿನಲ್ಲಿ ಹೊಟ್ಟೆ ತುಂಬುವ ಊಟ ಸಿಗಲಿದೆ.
